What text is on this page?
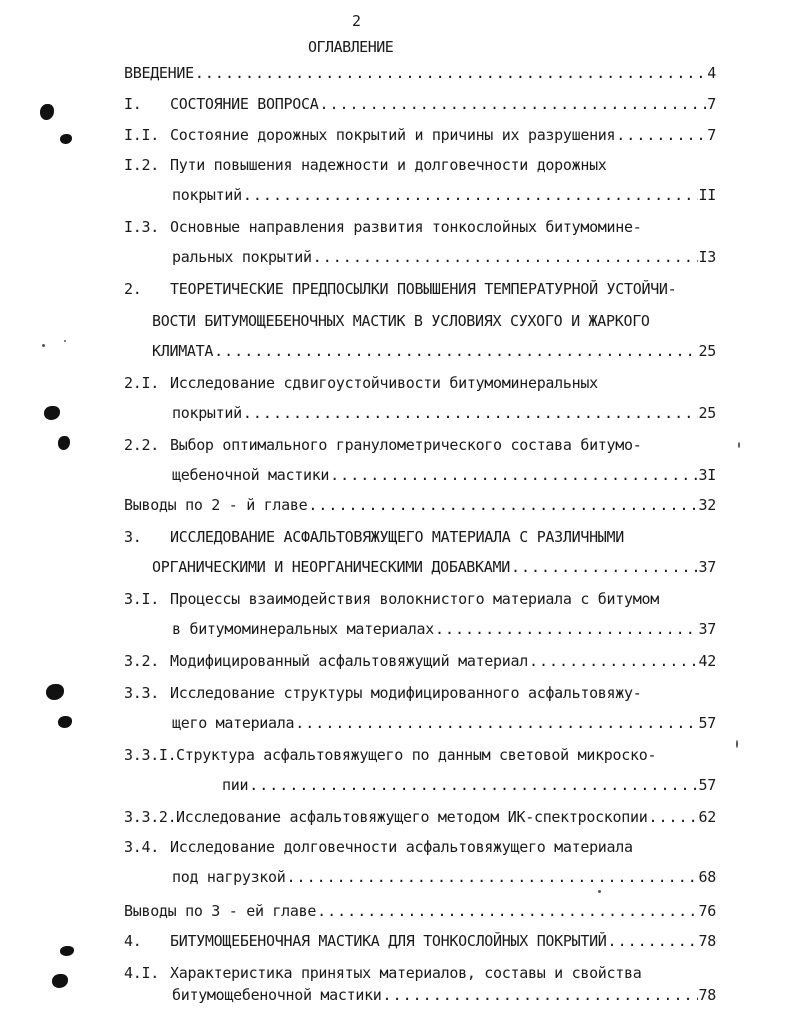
2
ОГЛАВЛЕНИЕ
ВВЕДЕНИЕ .....	4
I.	СОСТОЯНИЕ ВОПРОСА .....	7
I.I. Состояние дорожных покрытий и причины их разрушения .....	7
I.2. Пути повышения надежности и долговечности дорожных
покрытий .....	II
I.3. Основные направления развития тонкослойных битумомине-
ральных покрытий .....	I3
2.	ТЕОРЕТИЧЕСКИЕ ПРЕДПОСЫЛКИ ПОВЫШЕНИЯ ТЕМПЕРАТУРНОЙ УСТОЙЧИ-
ВОСТИ БИТУМОЩЕБЕНОЧНЫХ МАСТИК В УСЛОВИЯХ СУХОГО И ЖАРКОГО
КЛИМАТА .....	25
2.I. Исследование сдвигоустойчивости битумоминеральных
покрытий .....	25
2.2. Выбор оптимального гранулометрического состава битумо-
щебеночной мастики .....	3I
Выводы по 2 - й главе .....	32
3.	ИССЛЕДОВАНИЕ АСФАЛЬТОВЯЖУЩЕГО МАТЕРИАЛА С РАЗЛИЧНЫМИ
ОРГАНИЧЕСКИМИ И НЕОРГАНИЧЕСКИМИ ДОБАВКАМИ .....	37
3.I. Процессы взаимодействия волокнистого материала с битумом
в битумоминеральных материалах .....	37
3.2. Модифицированный асфальтовяжущий материал .....	42
3.3. Исследование структуры модифицированного асфальтовяжу-
щего материала .....	57
3.3.I. Структура асфальтовяжущего по данным световой микроско-
пии .....	57
3.3.2. Исследование асфальтовяжущего методом ИК-спектроскопии .....	62
3.4. Исследование долговечности асфальтовяжущего материала
под нагрузкой .....	68
Выводы по 3 - ей главе .....	76
4.	БИТУМОЩЕБЕНОЧНАЯ МАСТИКА ДЛЯ ТОНКОСЛОЙНЫХ ПОКРЫТИЙ .....	78
4.I. Характеристика принятых материалов, составы и свойства
битумощебеночной мастики .....	78
